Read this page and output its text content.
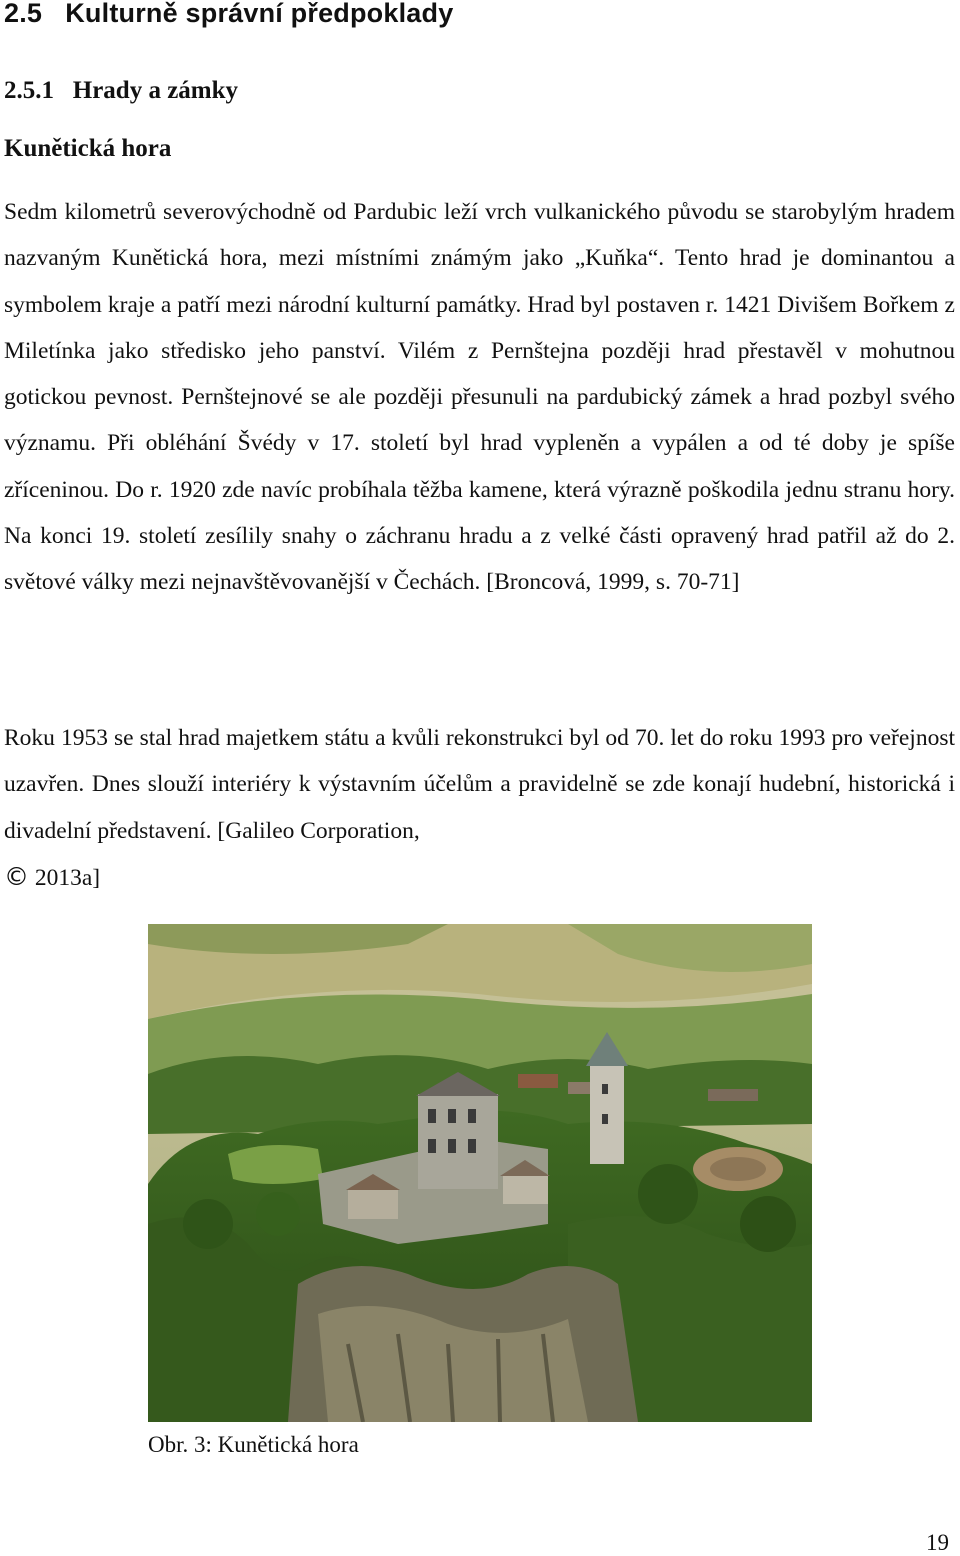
2.5   Kulturně správní předpoklady
2.5.1   Hrady a zámky
Kunětická hora

Sedm kilometrů severovýchodně od Pardubic leží vrch vulkanického původu se starobylým hradem nazvaným Kunětická hora, mezi místními známým jako „Kuňka“. Tento hrad je dominantou a symbolem kraje a patří mezi národní kulturní památky. Hrad byl postaven r. 1421 Divišem Bořkem z Miletínka jako středisko jeho panství. Vilém z Pernštejna později hrad přestavěl v mohutnou gotickou pevnost. Pernštejnové se ale později přesunuli na pardubický zámek a hrad pozbyl svého významu. Při obléhání Švédy v 17. století byl hrad vypleněn a vypálen a od té doby je spíše zříceninou. Do r. 1920 zde navíc probíhala těžba kamene, která výrazně poškodila jednu stranu hory. Na konci 19. století zesílily snahy o záchranu hradu a z velké části opravený hrad patřil až do 2. světové války mezi nejnavštěvovanější v Čechách. [Broncová, 1999, s. 70-71]

Roku 1953 se stal hrad majetkem státu a kvůli rekonstrukci byl od 70. let do roku 1993 pro veřejnost uzavřen. Dnes slouží interiéry k výstavním účelům a pravidelně se zde konají hudební, historická i divadelní představení. [Galileo Corporation,
© 2013a]

Obr. 3: Kunětická hora

19
